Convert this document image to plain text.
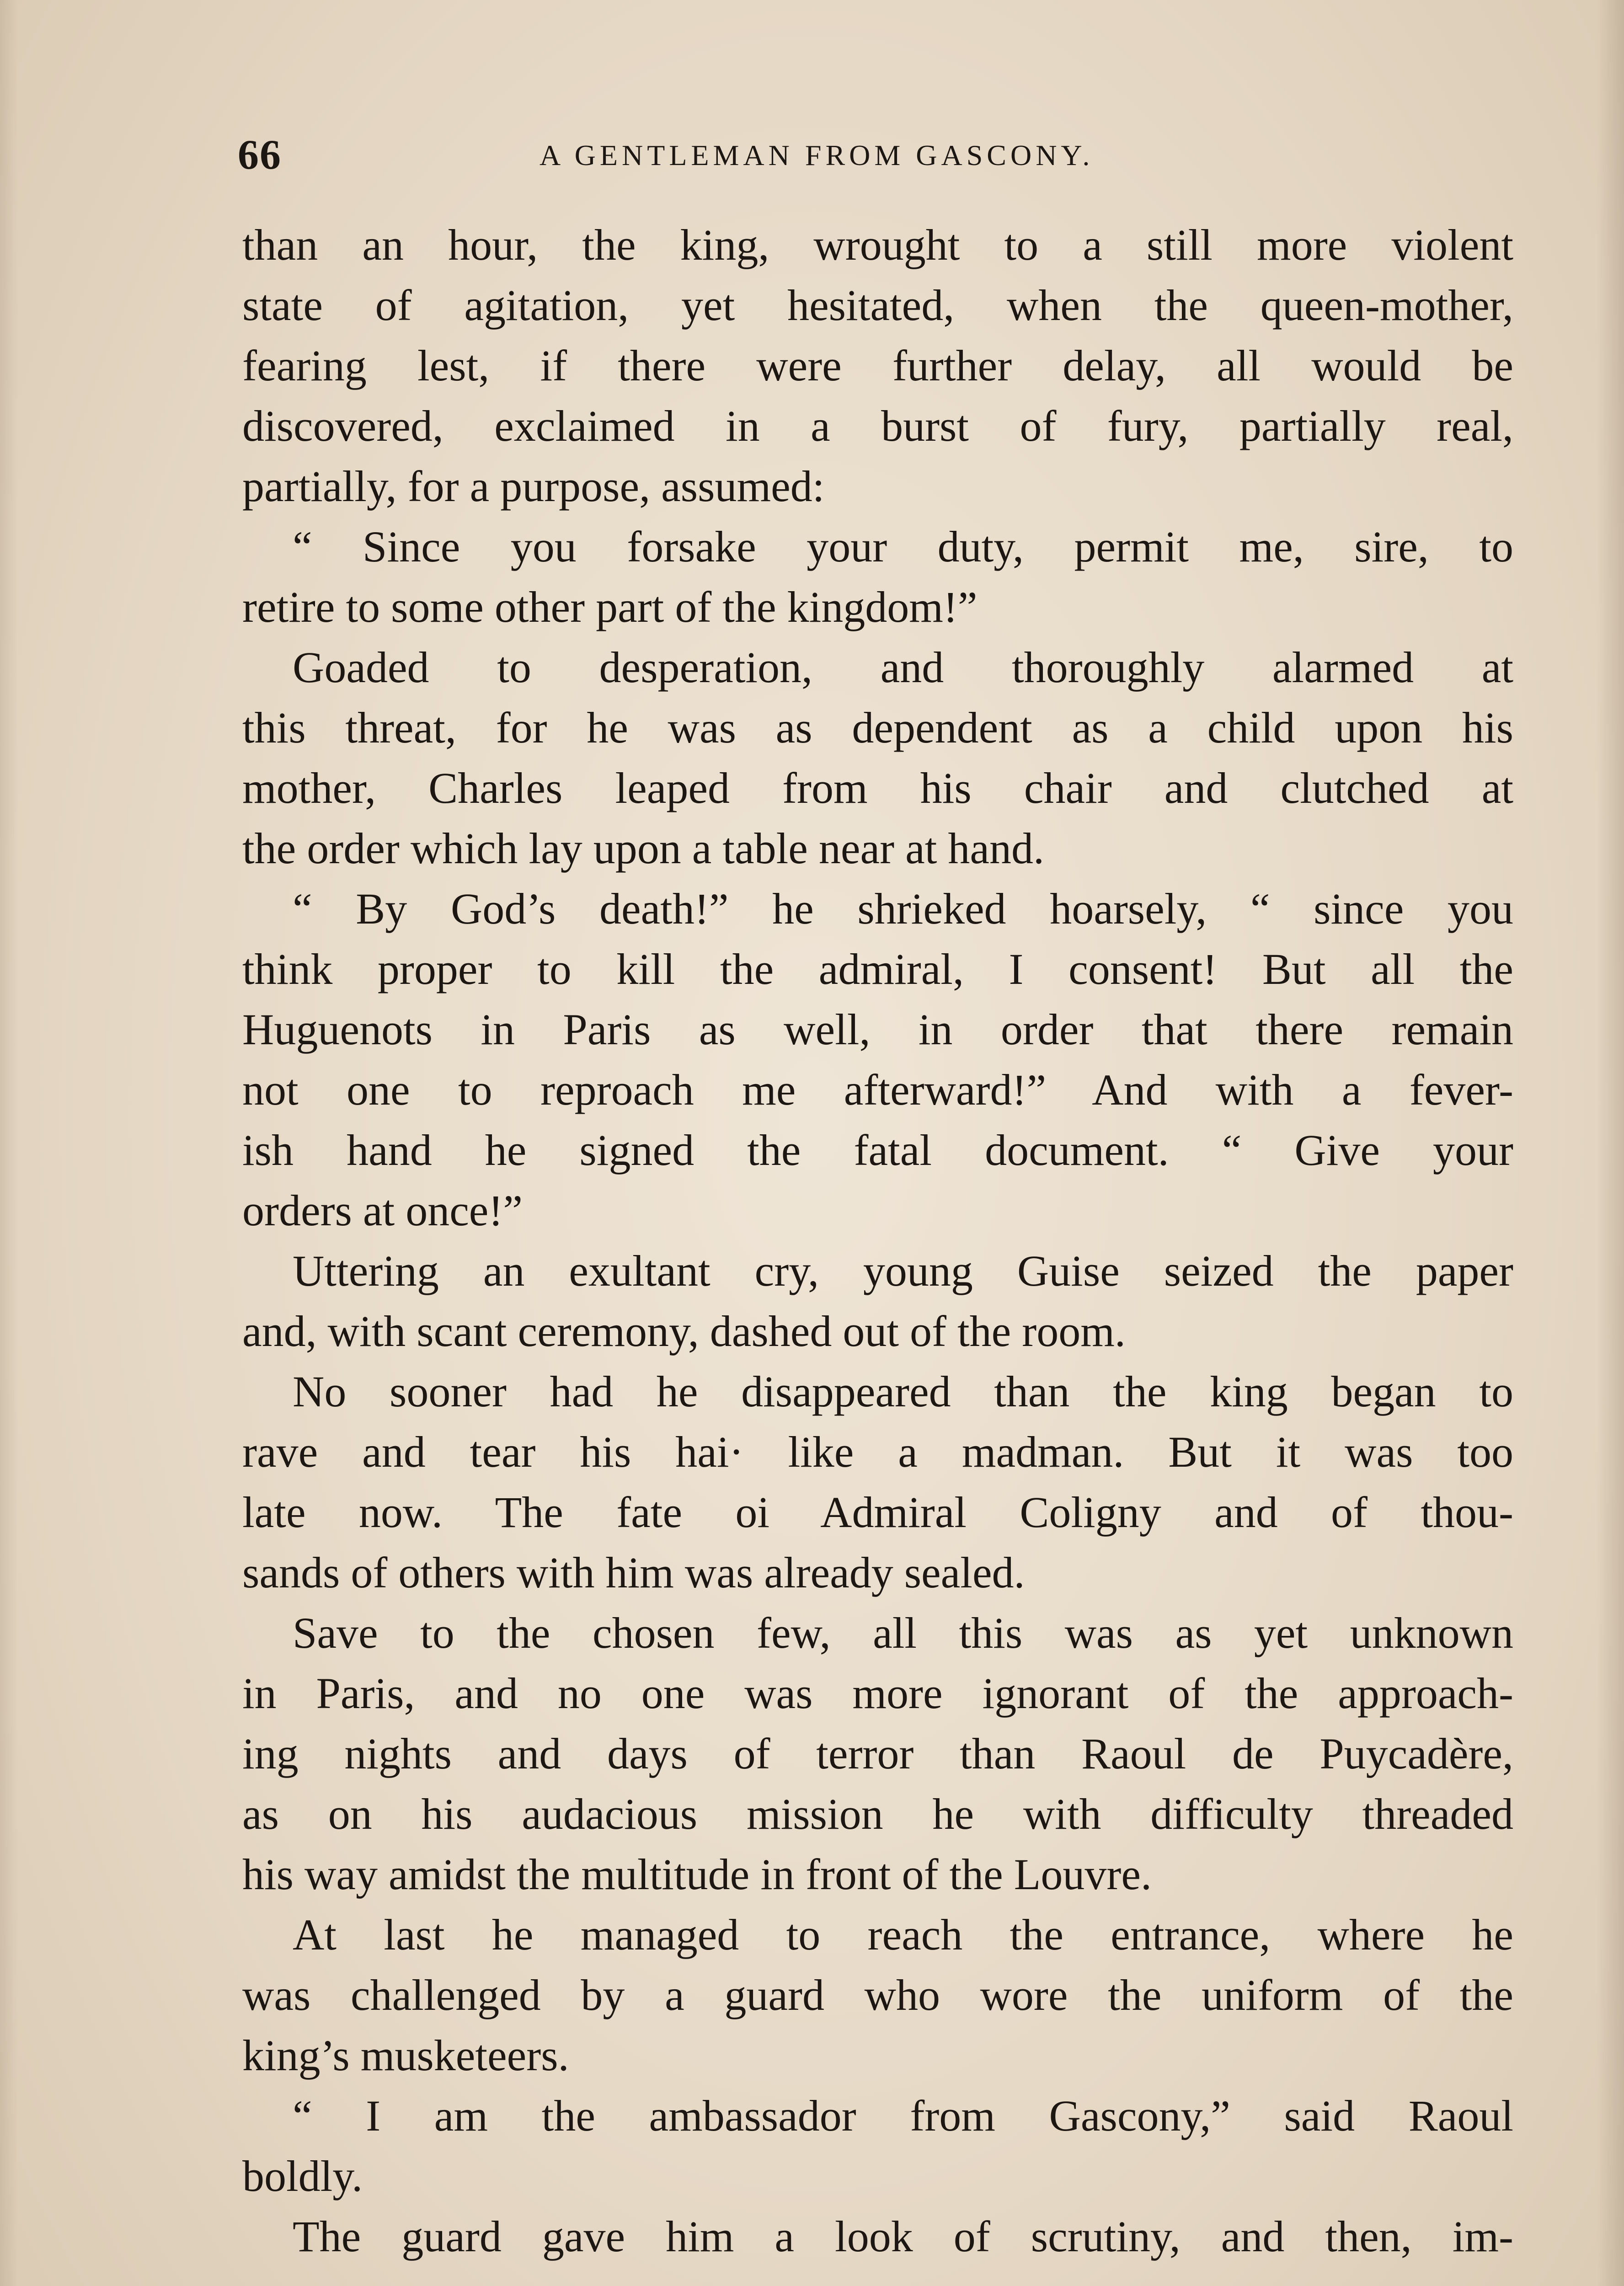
66	A GENTLEMAN FROM GASCONY.
than an hour, the king, wrought to a still more violent
state of agitation, yet hesitated, when the queen-mother,
fearing lest, if there were further delay, all would be
discovered, exclaimed in a burst of fury, partially real,
partially, for a purpose, assumed:
“ Since you forsake your duty, permit me, sire, to
retire to some other part of the kingdom!”
Goaded to desperation, and thoroughly alarmed at
this threat, for he was as dependent as a child upon his
mother, Charles leaped from his chair and clutched at
the order which lay upon a table near at hand.
“ By God’s death!” he shrieked hoarsely, “ since you
think proper to kill the admiral, I consent! But all the
Huguenots in Paris as well, in order that there remain
not one to reproach me afterward!” And with a fever-
ish hand he signed the fatal document. “ Give your
orders at once!”
Uttering an exultant cry, young Guise seized the paper
and, with scant ceremony, dashed out of the room.
No sooner had he disappeared than the king began to
rave and tear his hai· like a madman. But it was too
late now. The fate oi Admiral Coligny and of thou-
sands of others with him was already sealed.
Save to the chosen few, all this was as yet unknown
in Paris, and no one was more ignorant of the approach-
ing nights and days of terror than Raoul de Puycadère,
as on his audacious mission he with difficulty threaded
his way amidst the multitude in front of the Louvre.
At last he managed to reach the entrance, where he
was challenged by a guard who wore the uniform of the
king’s musketeers.
“ I am the ambassador from Gascony,” said Raoul
boldly.
The guard gave him a look of scrutiny, and then, im-
